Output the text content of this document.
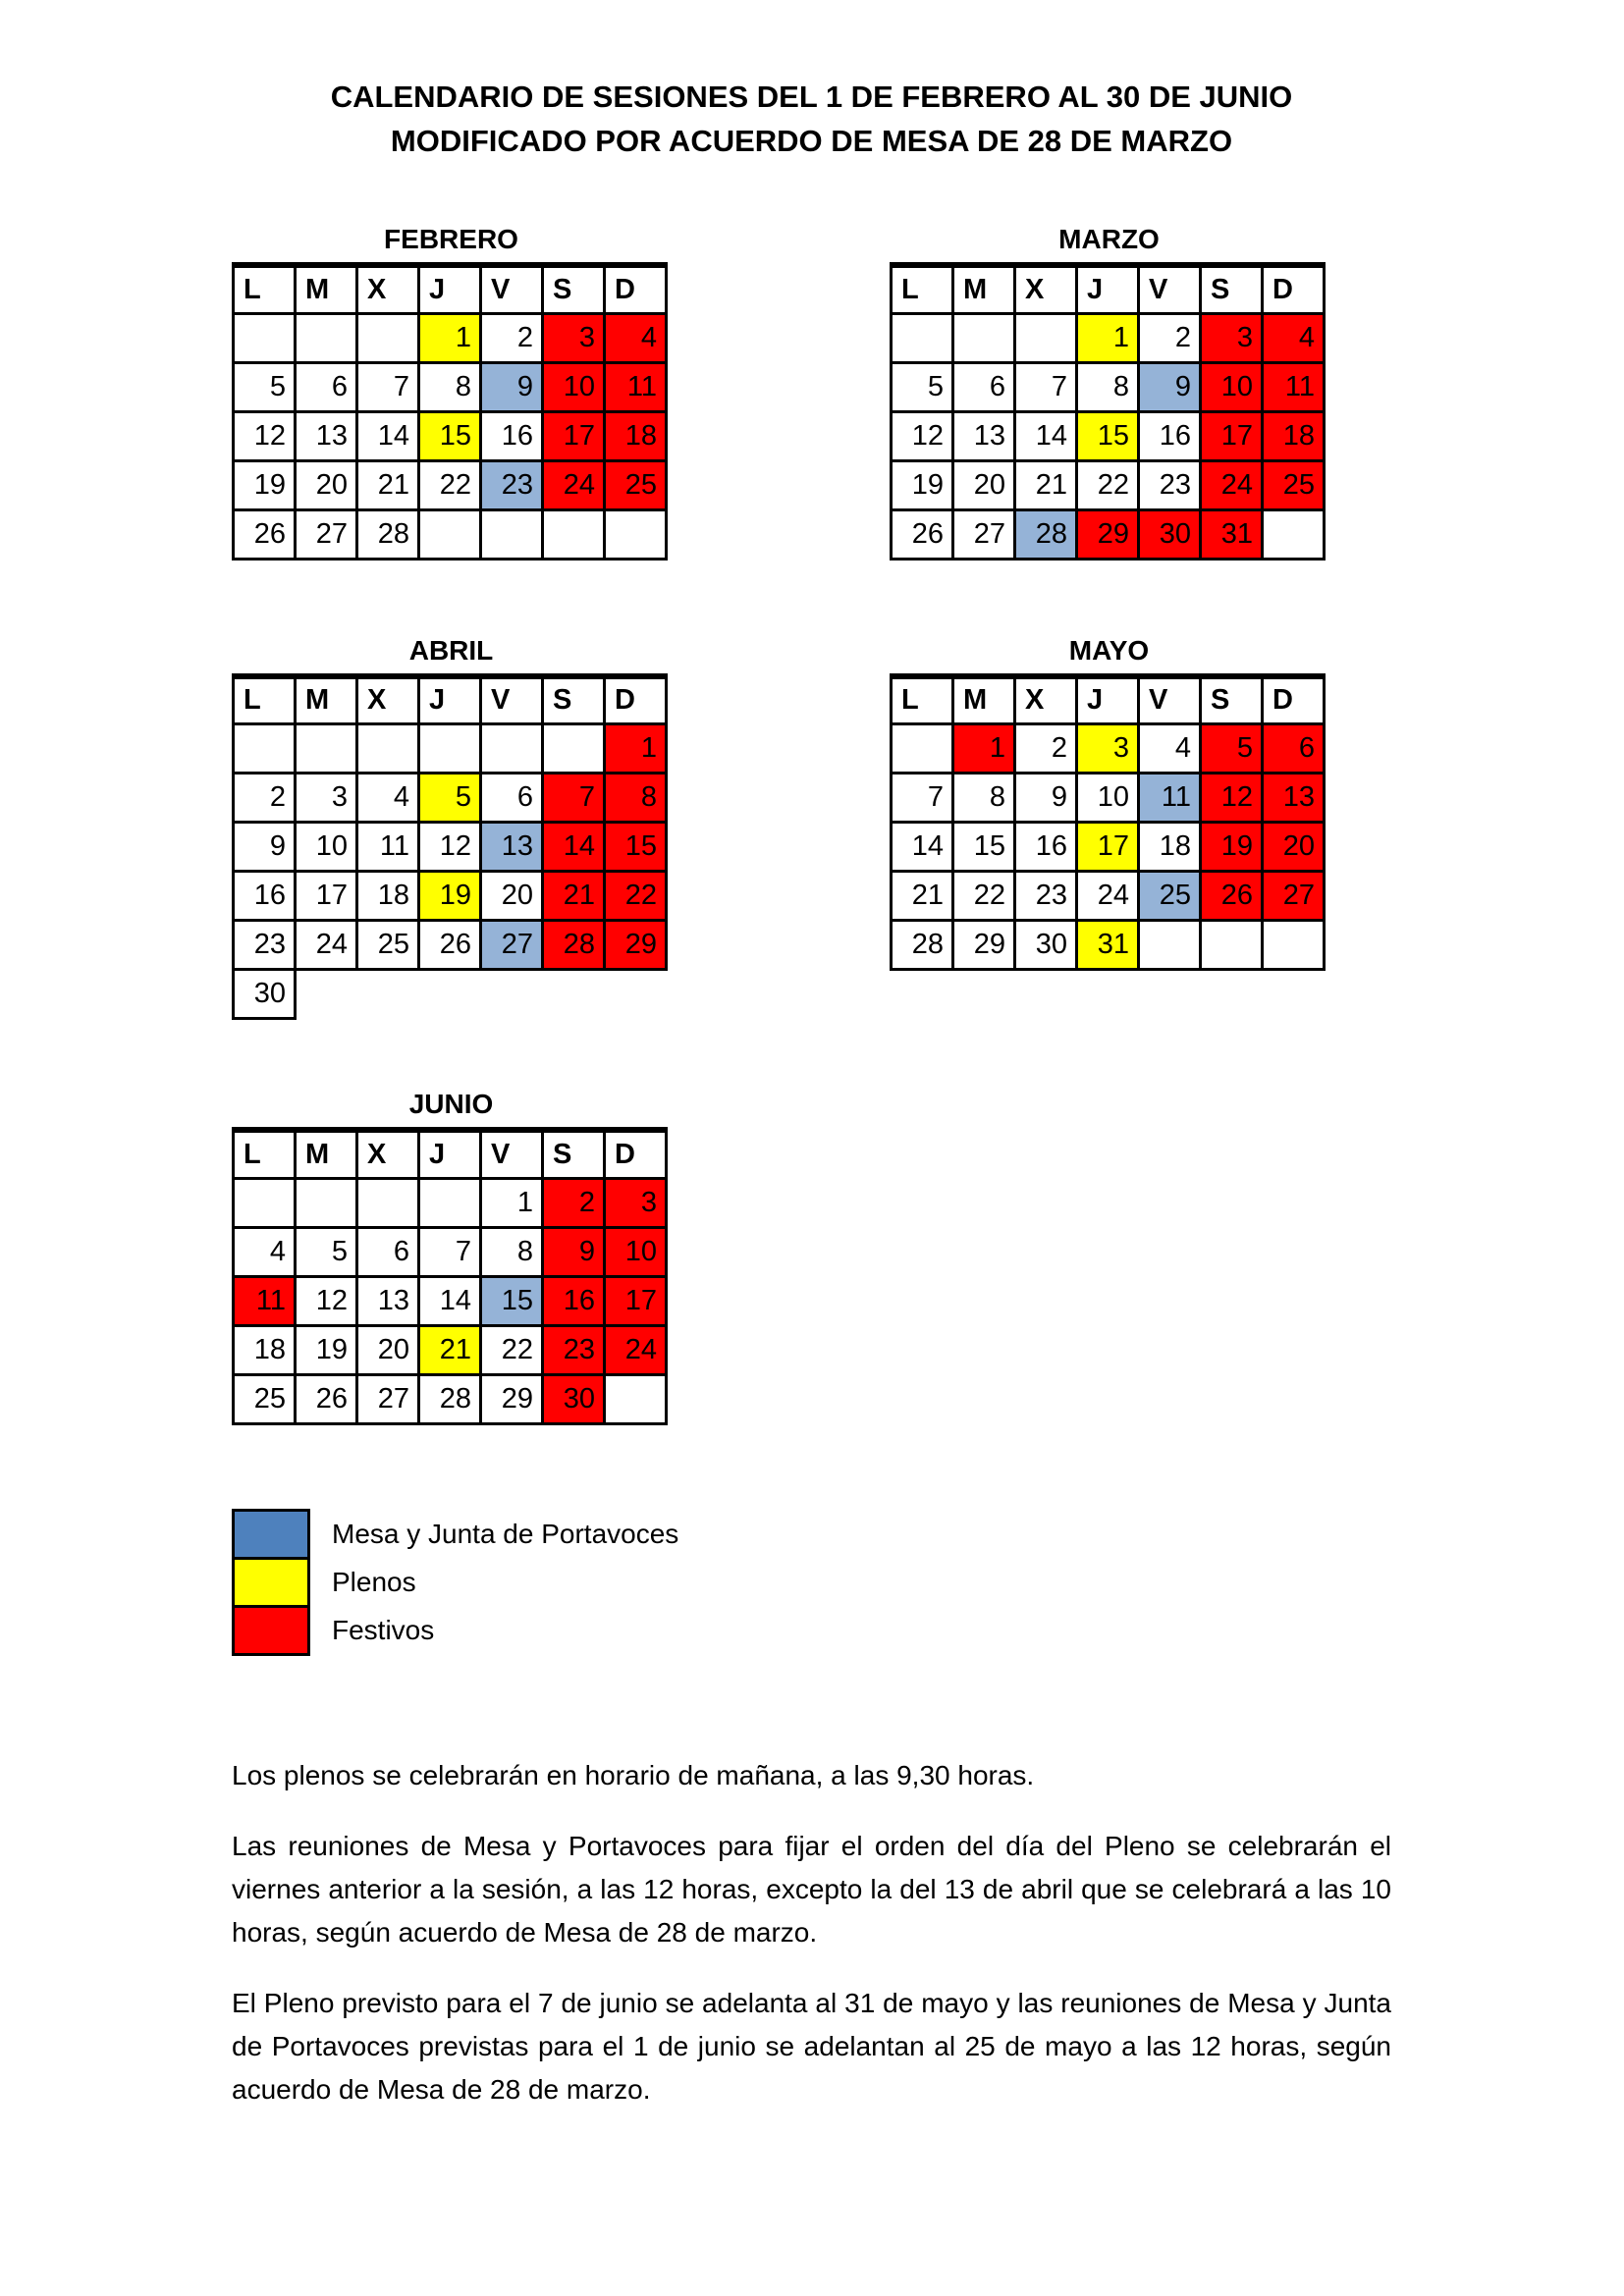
CALENDARIO DE SESIONES DEL 1 DE FEBRERO AL 30 DE JUNIO
MODIFICADO POR ACUERDO DE MESA DE 28 DE MARZO
FEBRERO
L	M	X	J	V	S	D
			1	2	3	4
5	6	7	8	9	10	11
12	13	14	15	16	17	18
19	20	21	22	23	24	25
26	27	28				
MARZO
L	M	X	J	V	S	D
			1	2	3	4
5	6	7	8	9	10	11
12	13	14	15	16	17	18
19	20	21	22	23	24	25
26	27	28	29	30	31	
ABRIL
L	M	X	J	V	S	D
						1
2	3	4	5	6	7	8
9	10	11	12	13	14	15
16	17	18	19	20	21	22
23	24	25	26	27	28	29
30						
MAYO
L	M	X	J	V	S	D
	1	2	3	4	5	6
7	8	9	10	11	12	13
14	15	16	17	18	19	20
21	22	23	24	25	26	27
28	29	30	31			
JUNIO
L	M	X	J	V	S	D
				1	2	3
4	5	6	7	8	9	10
11	12	13	14	15	16	17
18	19	20	21	22	23	24
25	26	27	28	29	30	
Mesa y Junta de Portavoces
Plenos
Festivos
Los plenos se celebrarán en horario de mañana, a las 9,30 horas.
Las reuniones de Mesa y Portavoces para fijar el orden del día del Pleno se celebrarán el viernes anterior a la sesión, a las 12 horas, excepto la del 13 de abril que se celebrará a las 10 horas, según acuerdo de Mesa de 28 de marzo.
El Pleno previsto para el 7 de junio se adelanta al 31 de mayo y las reuniones de Mesa y Junta de Portavoces previstas para el 1 de junio se adelantan al 25 de mayo a las 12 horas, según acuerdo de Mesa de 28 de marzo.
